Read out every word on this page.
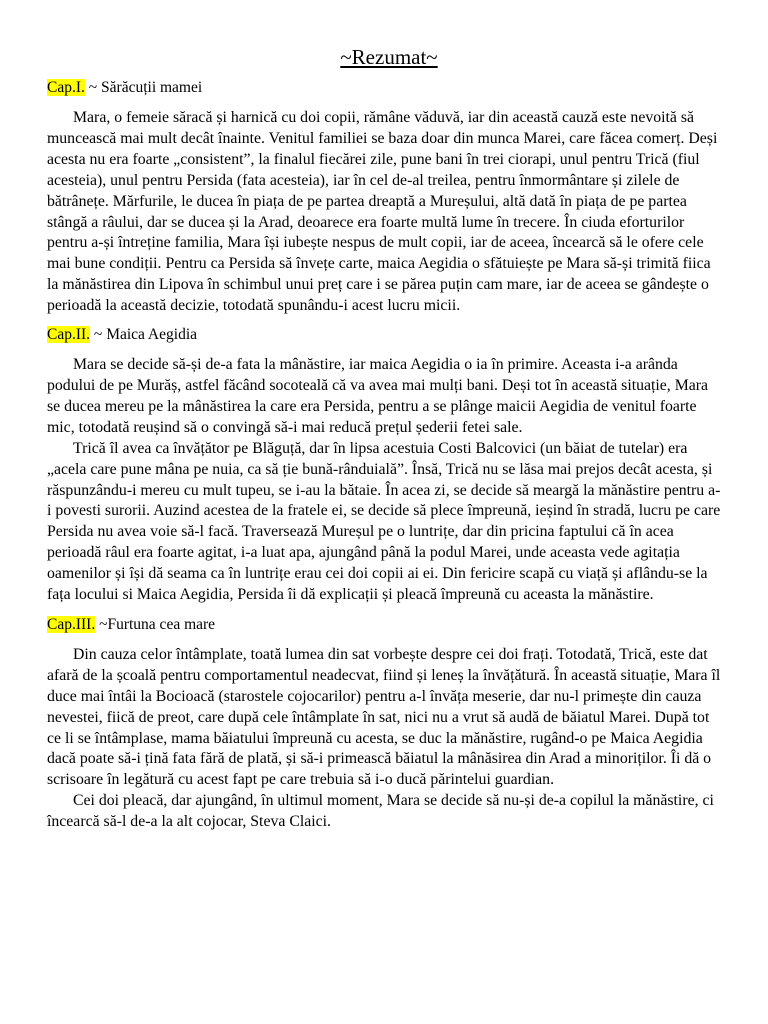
~Rezumat~
Cap.I. ~ Sărăcuții mamei

Mara, o femeie săracă și harnică cu doi copii, rămâne văduvă, iar din această cauză este nevoită să muncească mai mult decât înainte. Venitul familiei se baza doar din munca Marei, care făcea comerț. Deși acesta nu era foarte „consistent”, la finalul fiecărei zile, pune bani în trei ciorapi, unul pentru Trică (fiul acesteia), unul pentru Persida (fata acesteia), iar în cel de-al treilea, pentru înmormântare și zilele de bătrânețe. Mărfurile, le ducea în piața de pe partea dreaptă a Mureșului, altă dată în piața de pe partea stângă a râului, dar se ducea și la Arad, deoarece era foarte multă lume în trecere. În ciuda eforturilor pentru a-și întreține familia, Mara își iubește nespus de mult copii, iar de aceea, încearcă să le ofere cele mai bune condiții. Pentru ca Persida să învețe carte, maica Aegidia o sfătuiește pe Mara să-și trimită fiica la mănăstirea din Lipova în schimbul unui preț care i se părea puțin cam mare, iar de aceea se gândește o perioadă la această decizie, totodată spunându-i acest lucru micii.

Cap.II. ~ Maica Aegidia

Mara se decide să-și de-a fata la mânăstire, iar maica Aegidia o ia în primire. Aceasta i-a arânda podului de pe Murăș, astfel făcând socoteală că va avea mai mulți bani. Deși tot în această situație, Mara se ducea mereu pe la mânăstirea la care era Persida, pentru a se plânge maicii Aegidia de venitul foarte mic, totodată reușind să o convingă să-i mai reducă prețul șederii fetei sale.

Trică îl avea ca învățător pe Blăguță, dar în lipsa acestuia Costi Balcovici (un băiat de tutelar) era „acela care pune mâna pe nuia, ca să ție bună-rânduială”. Însă, Trică nu se lăsa mai prejos decât acesta, și răspunzându-i mereu cu mult tupeu, se i-au la bătaie. În acea zi, se decide să meargă la mănăstire pentru a-i povesti surorii. Auzind acestea de la fratele ei, se decide să plece împreună, ieșind în stradă, lucru pe care Persida nu avea voie să-l facă. Traversează Mureșul pe o luntrițe, dar din pricina faptului că în acea perioadă râul era foarte agitat, i-a luat apa, ajungând până la podul Marei, unde aceasta vede agitația oamenilor și își dă seama ca în luntrițe erau cei doi copii ai ei. Din fericire scapă cu viață și aflându-se la fața locului si Maica Aegidia, Persida îi dă explicații și pleacă împreună cu aceasta la mănăstire.

Cap.III. ~Furtuna cea mare

Din cauza celor întâmplate, toată lumea din sat vorbește despre cei doi frați. Totodată, Trică, este dat afară de la școală pentru comportamentul neadecvat, fiind și leneș la învățătură. În această situație, Mara îl duce mai întâi la Bocioacă (starostele cojocarilor) pentru a-l învăța meserie, dar nu-l primește din cauza nevestei, fiică de preot, care după cele întâmplate în sat, nici nu a vrut să audă de băiatul Marei. După tot ce li se întâmplase, mama băiatului împreună cu acesta, se duc la mănăstire, rugând-o pe Maica Aegidia dacă poate să-i țină fata fără de plată, și să-i primească băiatul la mânăsirea din Arad a minoriților. Îi dă o scrisoare în legătură cu acest fapt pe care trebuia să i-o ducă părintelui guardian.

Cei doi pleacă, dar ajungând, în ultimul moment, Mara se decide să nu-și de-a copilul la mănăstire, ci încearcă să-l de-a la alt cojocar, Steva Claici.
